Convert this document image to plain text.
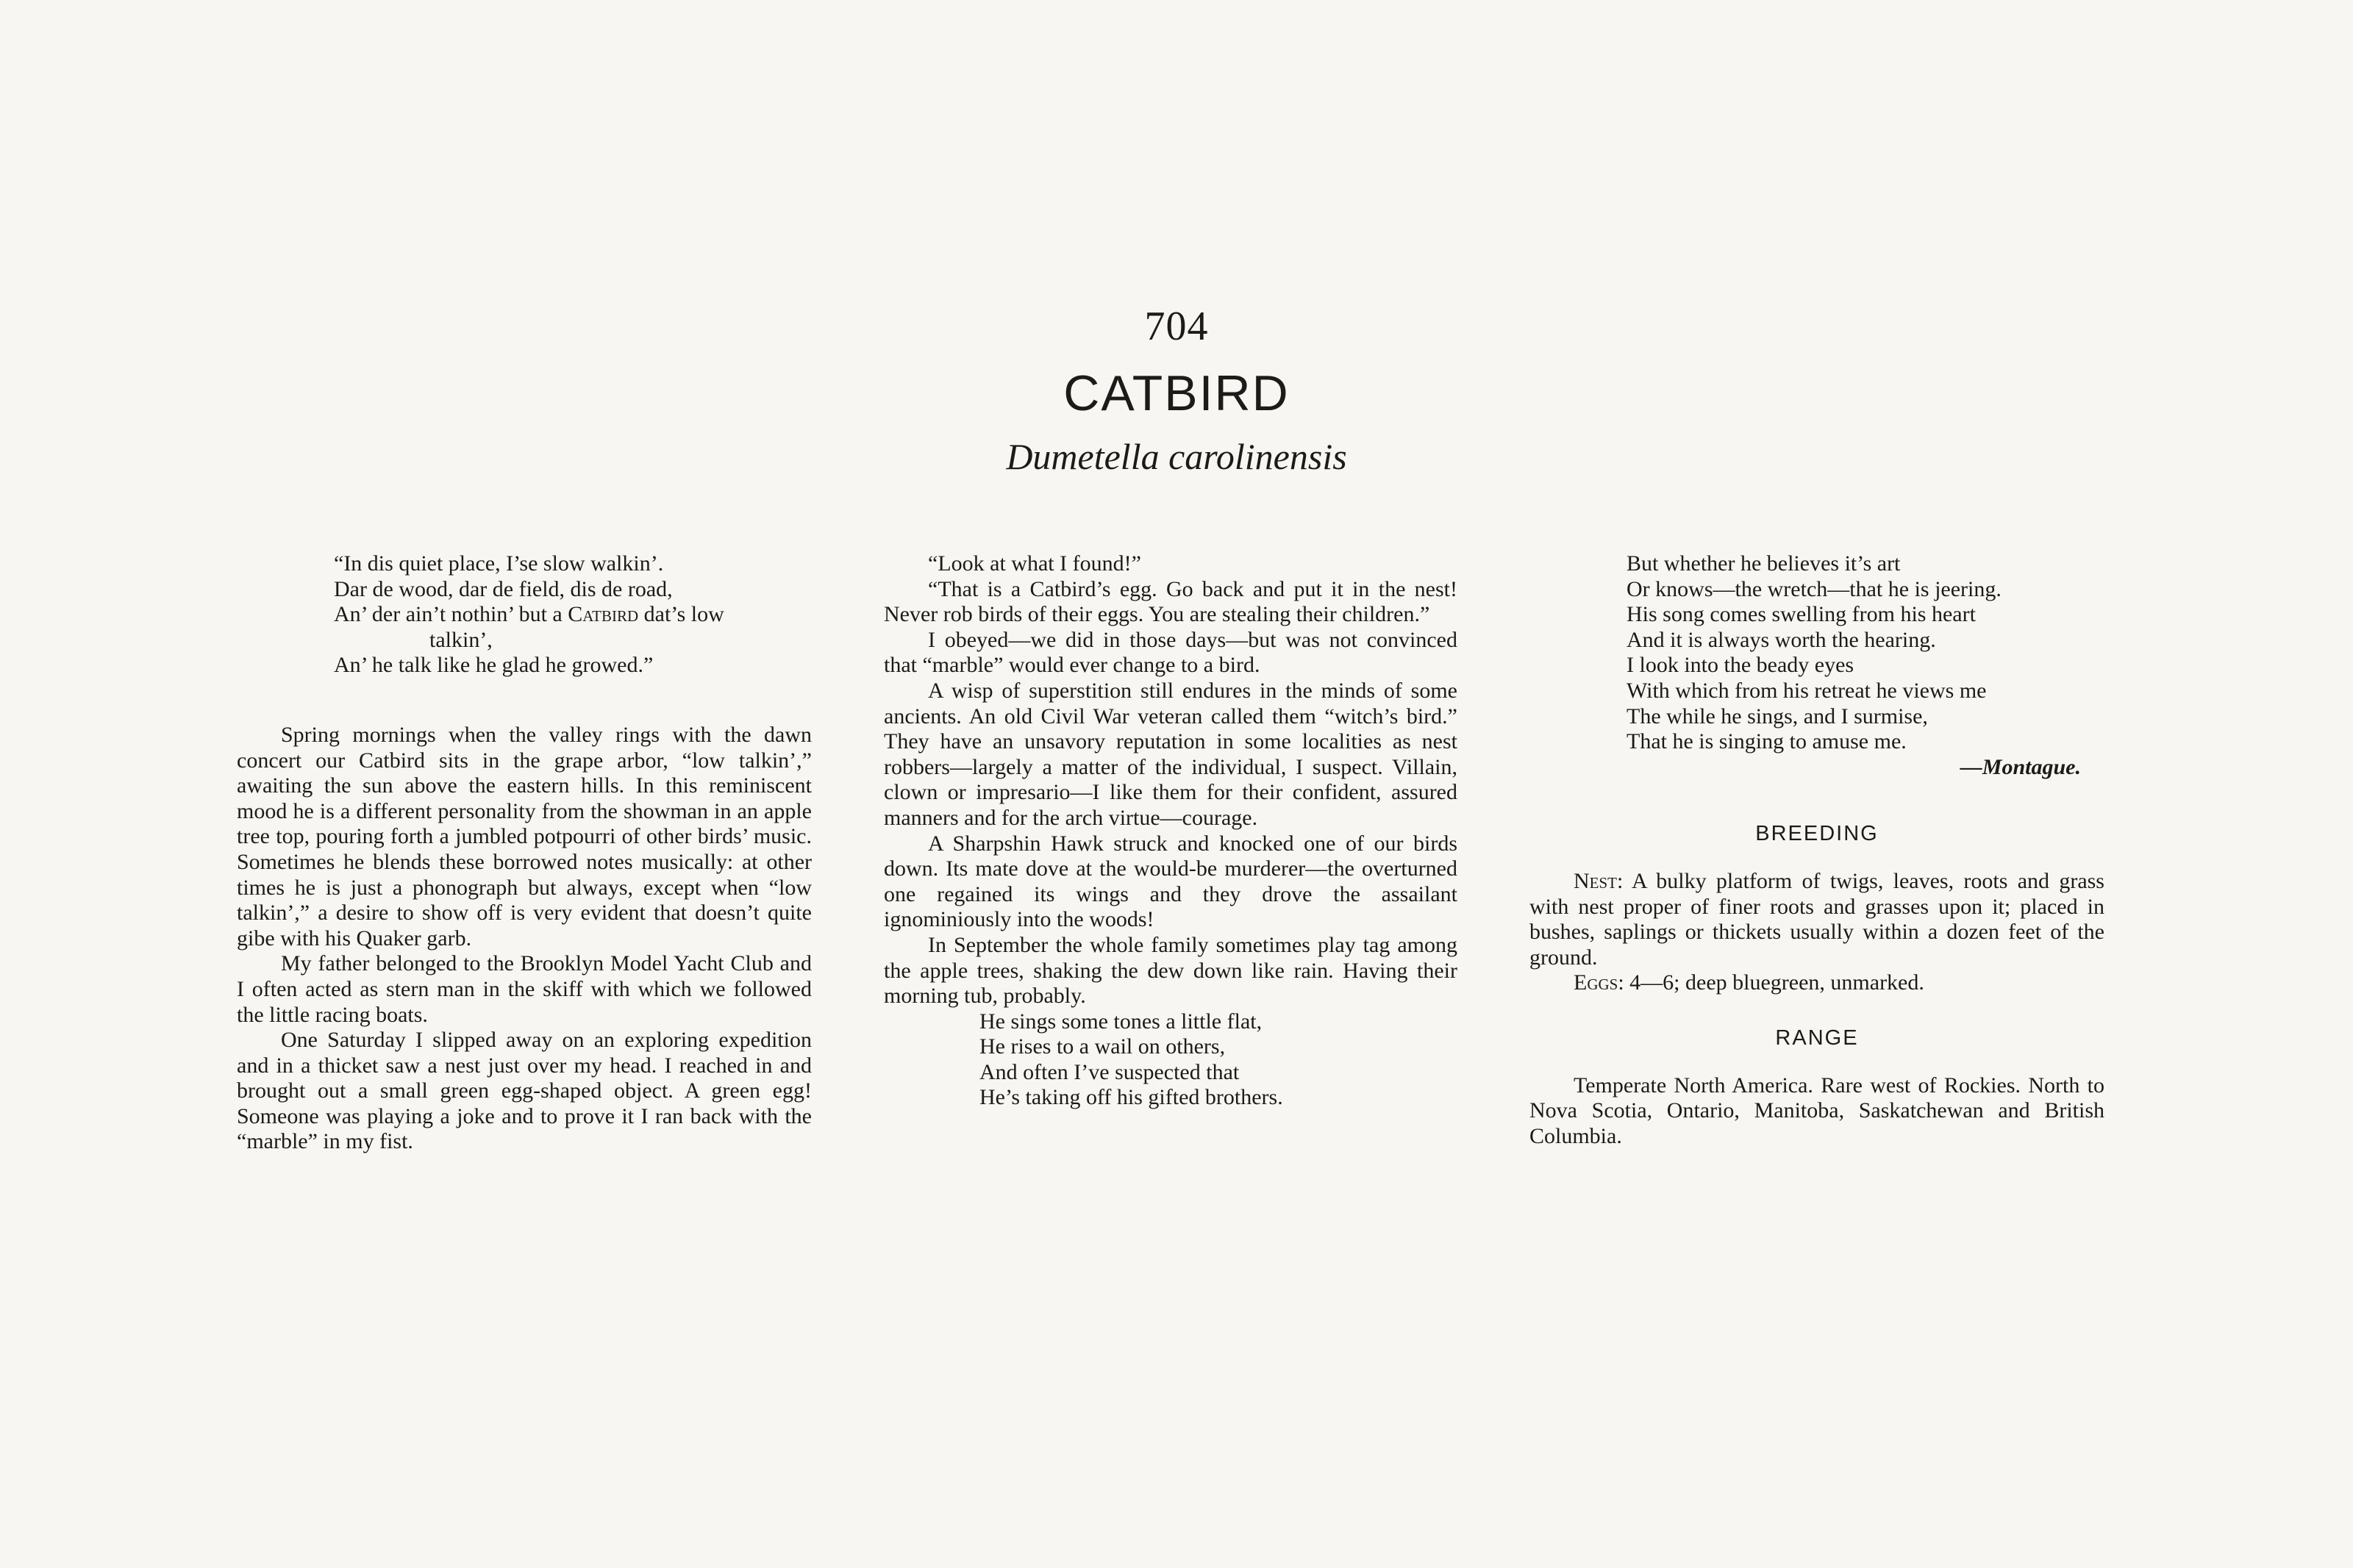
704
CATBIRD
Dumetella carolinensis
“In dis quiet place, I’se slow walkin’.
Dar de wood, dar de field, dis de road,
An’ der ain’t nothin’ but a Catbird dat’s low
talkin’,
An’ he talk like he glad he growed.”

Spring mornings when the valley rings with the dawn concert our Catbird sits in the grape arbor, “low talkin’,” awaiting the sun above the eastern hills. In this reminiscent mood he is a different personality from the showman in an apple tree top, pouring forth a jumbled potpourri of other birds’ music. Sometimes he blends these borrowed notes musically: at other times he is just a phonograph but always, except when “low talkin’,” a desire to show off is very evident that doesn’t quite gibe with his Quaker garb.

My father belonged to the Brooklyn Model Yacht Club and I often acted as stern man in the skiff with which we followed the little racing boats.

One Saturday I slipped away on an exploring expedition and in a thicket saw a nest just over my head. I reached in and brought out a small green egg-shaped object. A green egg! Someone was playing a joke and to prove it I ran back with the “marble” in my fist.

“Look at what I found!”

“That is a Catbird’s egg. Go back and put it in the nest! Never rob birds of their eggs. You are stealing their children.”

I obeyed—we did in those days—but was not convinced that “marble” would ever change to a bird.

A wisp of superstition still endures in the minds of some ancients. An old Civil War veteran called them “witch’s bird.” They have an unsavory reputation in some localities as nest robbers—largely a matter of the individual, I suspect. Villain, clown or impresario—I like them for their confident, assured manners and for the arch virtue—courage.

A Sharpshin Hawk struck and knocked one of our birds down. Its mate dove at the would-be murderer—the overturned one regained its wings and they drove the assailant ignominiously into the woods!

In September the whole family sometimes play tag among the apple trees, shaking the dew down like rain. Having their morning tub, probably.

He sings some tones a little flat,
He rises to a wail on others,
And often I’ve suspected that
He’s taking off his gifted brothers.
But whether he believes it’s art
Or knows—the wretch—that he is jeering.
His song comes swelling from his heart
And it is always worth the hearing.
I look into the beady eyes
With which from his retreat he views me
The while he sings, and I surmise,
That he is singing to amuse me.
—Montague.
BREEDING

Nest: A bulky platform of twigs, leaves, roots and grass with nest proper of finer roots and grasses upon it; placed in bushes, saplings or thickets usually within a dozen feet of the ground.

Eggs: 4—6; deep bluegreen, unmarked.

RANGE

Temperate North America. Rare west of Rockies. North to Nova Scotia, Ontario, Manitoba, Saskatchewan and British Columbia.
